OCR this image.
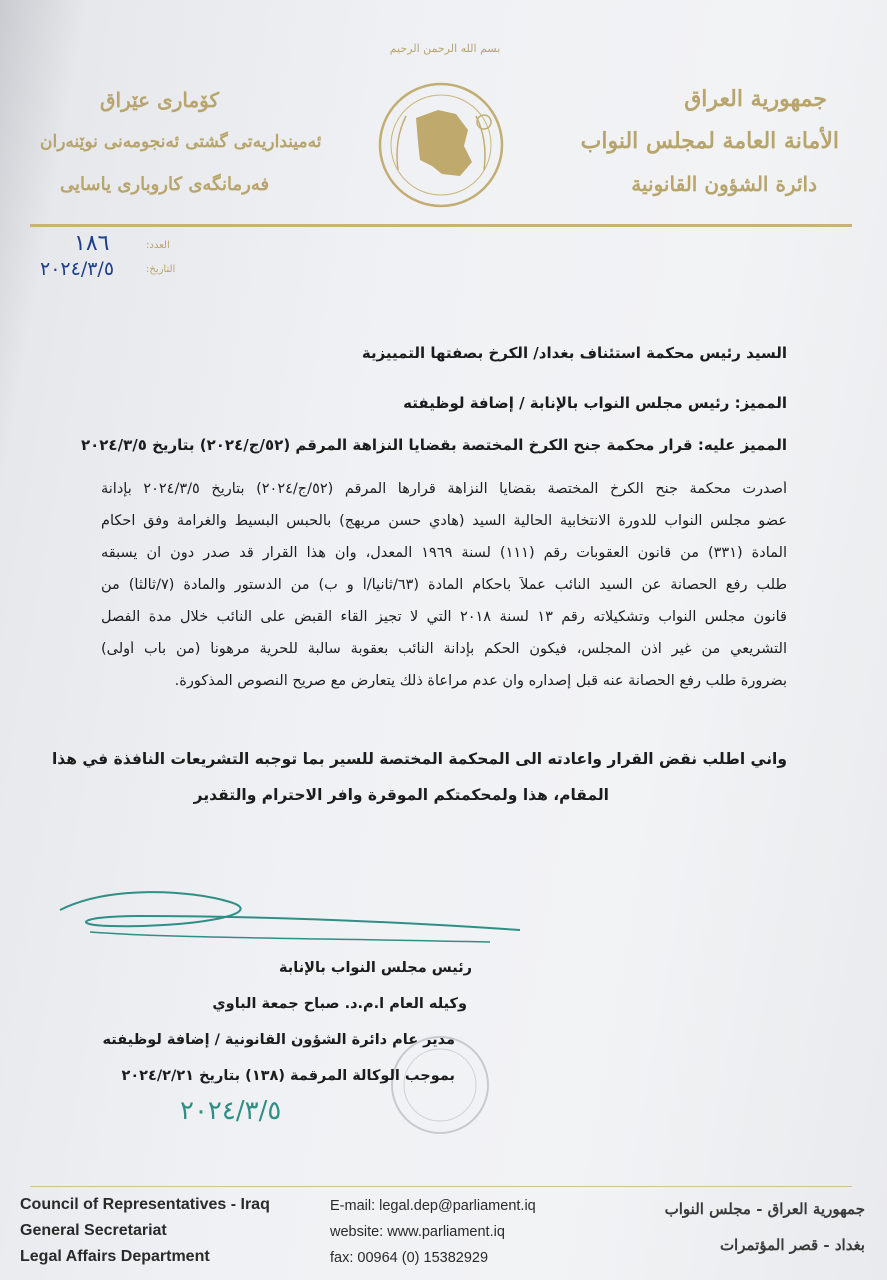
بسم الله الرحمن الرحيم
کۆماری عێراق
ئەمینداریەتی گشتی ئەنجومەنی نوێنەران
فەرمانگەی کاروباری یاسایی
جمهورية العراق
الأمانة العامة لمجلس النواب
دائرة الشؤون القانونية
العدد:
١٨٦
التاريخ:
٢٠٢٤/٣/٥
السيد رئيس محكمة استئناف بغداد/ الكرخ بصفتها التمييزية
المميز: رئيس مجلس النواب بالإنابة / إضافة لوظيفته
المميز عليه: قرار محكمة جنح الكرخ المختصة بقضايا النزاهة المرقم (٥٢/ج/٢٠٢٤) بتاريخ ٢٠٢٤/٣/٥
أصدرت محكمة جنح الكرخ المختصة بقضايا النزاهة قرارها المرقم (٥٢/ج/٢٠٢٤) بتاريخ ٢٠٢٤/٣/٥ بإدانة
عضو مجلس النواب للدورة الانتخابية الحالية السيد (هادي حسن مريهج) بالحبس البسيط والغرامة وفق احكام
المادة (٣٣١) من قانون العقوبات رقم (١١١) لسنة ١٩٦٩ المعدل، وان هذا القرار قد صدر دون ان يسبقه
طلب رفع الحصانة عن السيد النائب عملاً بأحكام المادة (٦٣/ثانياً/أ و ب) من الدستور والمادة (٧/ثالثاً) من
قانون مجلس النواب وتشكيلاته رقم ١٣ لسنة ٢٠١٨ التي لا تجيز القاء القبض على النائب خلال مدة الفصل
التشريعي من غير اذن المجلس، فيكون الحكم بإدانة النائب بعقوبة سالبة للحرية مرهوناً (من باب أولى)
بضرورة طلب رفع الحصانة عنه قبل إصداره وان عدم مراعاة ذلك يتعارض مع صريح النصوص المذكورة.
واني اطلب نقض القرار واعادته الى المحكمة المختصة للسير بما توجبه التشريعات النافذة في هذا
المقام، هذا ولمحكمتكم الموقرة وافر الاحترام والتقدير
رئيس مجلس النواب بالإنابة
وكيله العام ا.م.د. صباح جمعة الباوي
مدير عام دائرة الشؤون القانونية / إضافة لوظيفته
بموجب الوكالة المرقمة (١٣٨) بتاريخ ٢٠٢٤/٢/٢١
٢٠٢٤/٣/٥
Council of Representatives - Iraq
General Secretariat
Legal Affairs Department
E-mail: legal.dep@parliament.iq
website: www.parliament.iq
fax: 00964 (0) 15382929
جمهورية العراق - مجلس النواب
بغداد - قصر المؤتمرات
